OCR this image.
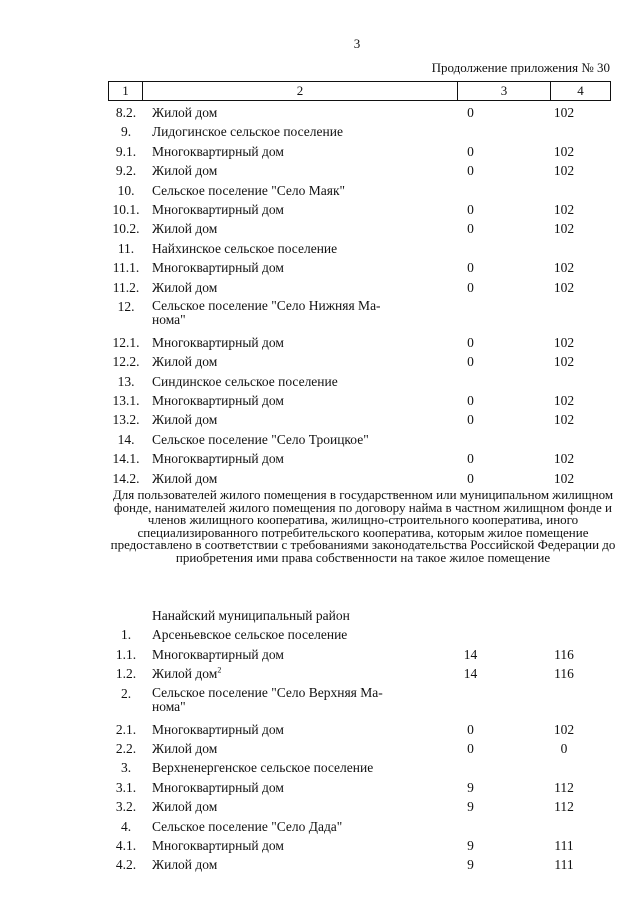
3
Продолжение приложения № 30
1	2	3	4
8.2.	Жилой дом	0	102
9.	Лидогинское сельское поселение
9.1.	Многоквартирный дом	0	102
9.2.	Жилой дом	0	102
10.	Сельское поселение "Село Маяк"
10.1. Многоквартирный дом	0	102
10.2. Жилой дом	0	102
11.	Найхинское сельское поселение
11.1. Многоквартирный дом	0	102
11.2. Жилой дом	0	102
12.	Сельское поселение "Село Нижняя Ма-нома"
12.1. Многоквартирный дом	0	102
12.2. Жилой дом	0	102
13.	Синдинское сельское поселение
13.1. Многоквартирный дом	0	102
13.2. Жилой дом	0	102
14.	Сельское поселение "Село Троицкое"
14.1. Многоквартирный дом	0	102
14.2. Жилой дом	0	102
Для пользователей жилого помещения в государственном или муниципальном жилищном фонде, нанимателей жилого помещения по договору найма в частном жилищном фонде и членов жилищного кооператива, жилищно-строительного кооператива, иного специализированного потребительского кооператива, которым жилое помещение предоставлено в соответствии с требованиями законодательства Российской Федерации до приобретения ими права собственности на такое жилое помещение
Нанайский муниципальный район
1.	Арсеньевское сельское поселение
1.1.	Многоквартирный дом	14	116
1.2.	Жилой дом$^2$	14	116
2.	Сельское поселение "Село Верхняя Ма-нома"
2.1.	Многоквартирный дом	0	102
2.2.	Жилой дом	0	0
3.	Верхненергенское сельское поселение
3.1.	Многоквартирный дом	9	112
3.2.	Жилой дом	9	112
4.	Сельское поселение "Село Дада"
4.1.	Многоквартирный дом	9	111
4.2.	Жилой дом	9	111
